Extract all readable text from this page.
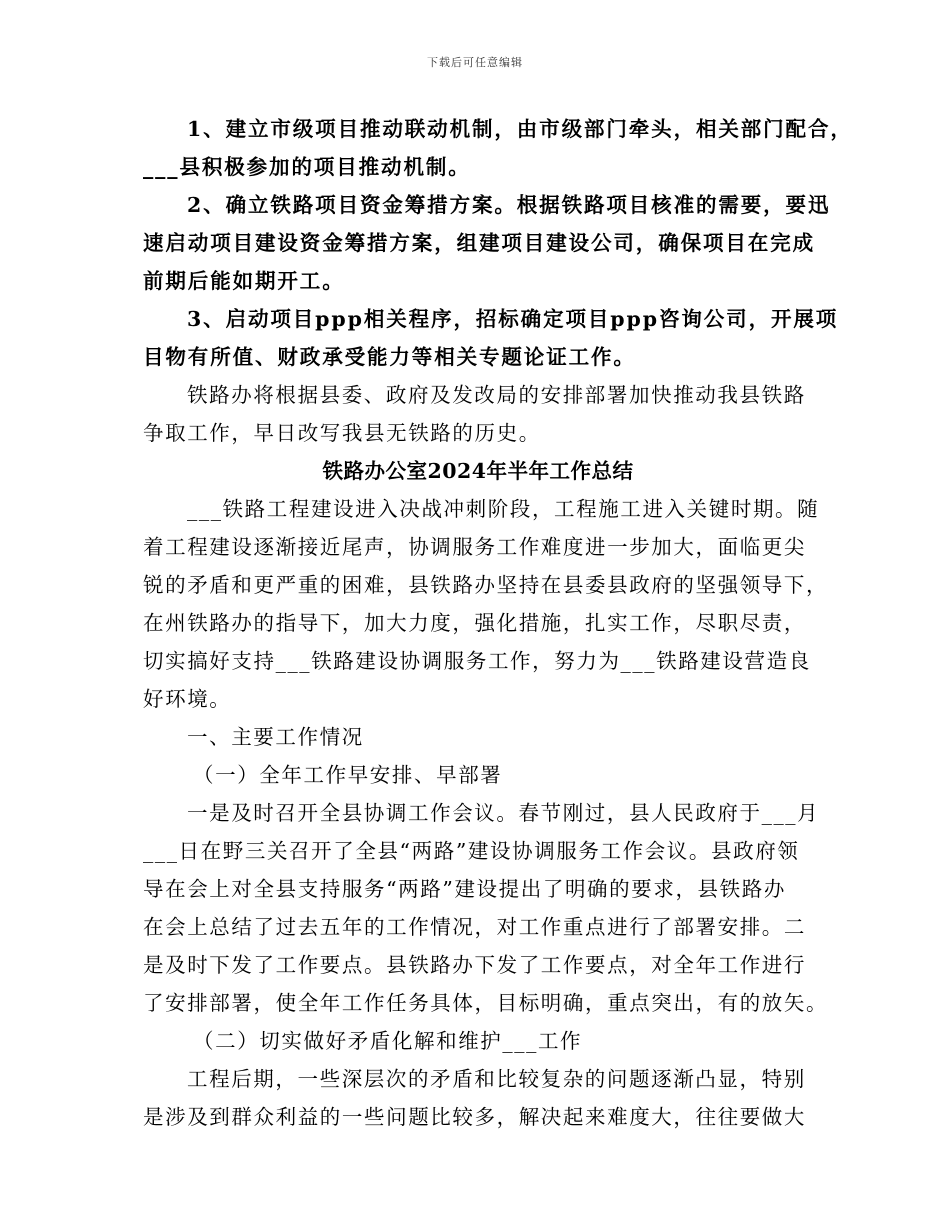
下载后可任意编辑
1、建立市级项目推动联动机制，由市级部门牵头，相关部门配合，
___县积极参加的项目推动机制。
2、确立铁路项目资金筹措方案。根据铁路项目核准的需要，要迅
速启动项目建设资金筹措方案，组建项目建设公司，确保项目在完成
前期后能如期开工。
3、启动项目ppp相关程序，招标确定项目ppp咨询公司，开展项
目物有所值、财政承受能力等相关专题论证工作。
铁路办将根据县委、政府及发改局的安排部署加快推动我县铁路
争取工作，早日改写我县无铁路的历史。
铁路办公室2024年半年工作总结
___铁路工程建设进入决战冲刺阶段，工程施工进入关键时期。随
着工程建设逐渐接近尾声，协调服务工作难度进一步加大，面临更尖
锐的矛盾和更严重的困难，县铁路办坚持在县委县政府的坚强领导下，
在州铁路办的指导下，加大力度，强化措施，扎实工作，尽职尽责，
切实搞好支持___铁路建设协调服务工作，努力为___铁路建设营造良
好环境。
一、主要工作情况
（一）全年工作早安排、早部署
一是及时召开全县协调工作会议。春节刚过，县人民政府于___月
___日在野三关召开了全县“两路”建设协调服务工作会议。县政府领
导在会上对全县支持服务“两路”建设提出了明确的要求，县铁路办
在会上总结了过去五年的工作情况，对工作重点进行了部署安排。二
是及时下发了工作要点。县铁路办下发了工作要点，对全年工作进行
了安排部署，使全年工作任务具体，目标明确，重点突出，有的放矢。
（二）切实做好矛盾化解和维护___工作
工程后期，一些深层次的矛盾和比较复杂的问题逐渐凸显，特别
是涉及到群众利益的一些问题比较多，解决起来难度大，往往要做大
